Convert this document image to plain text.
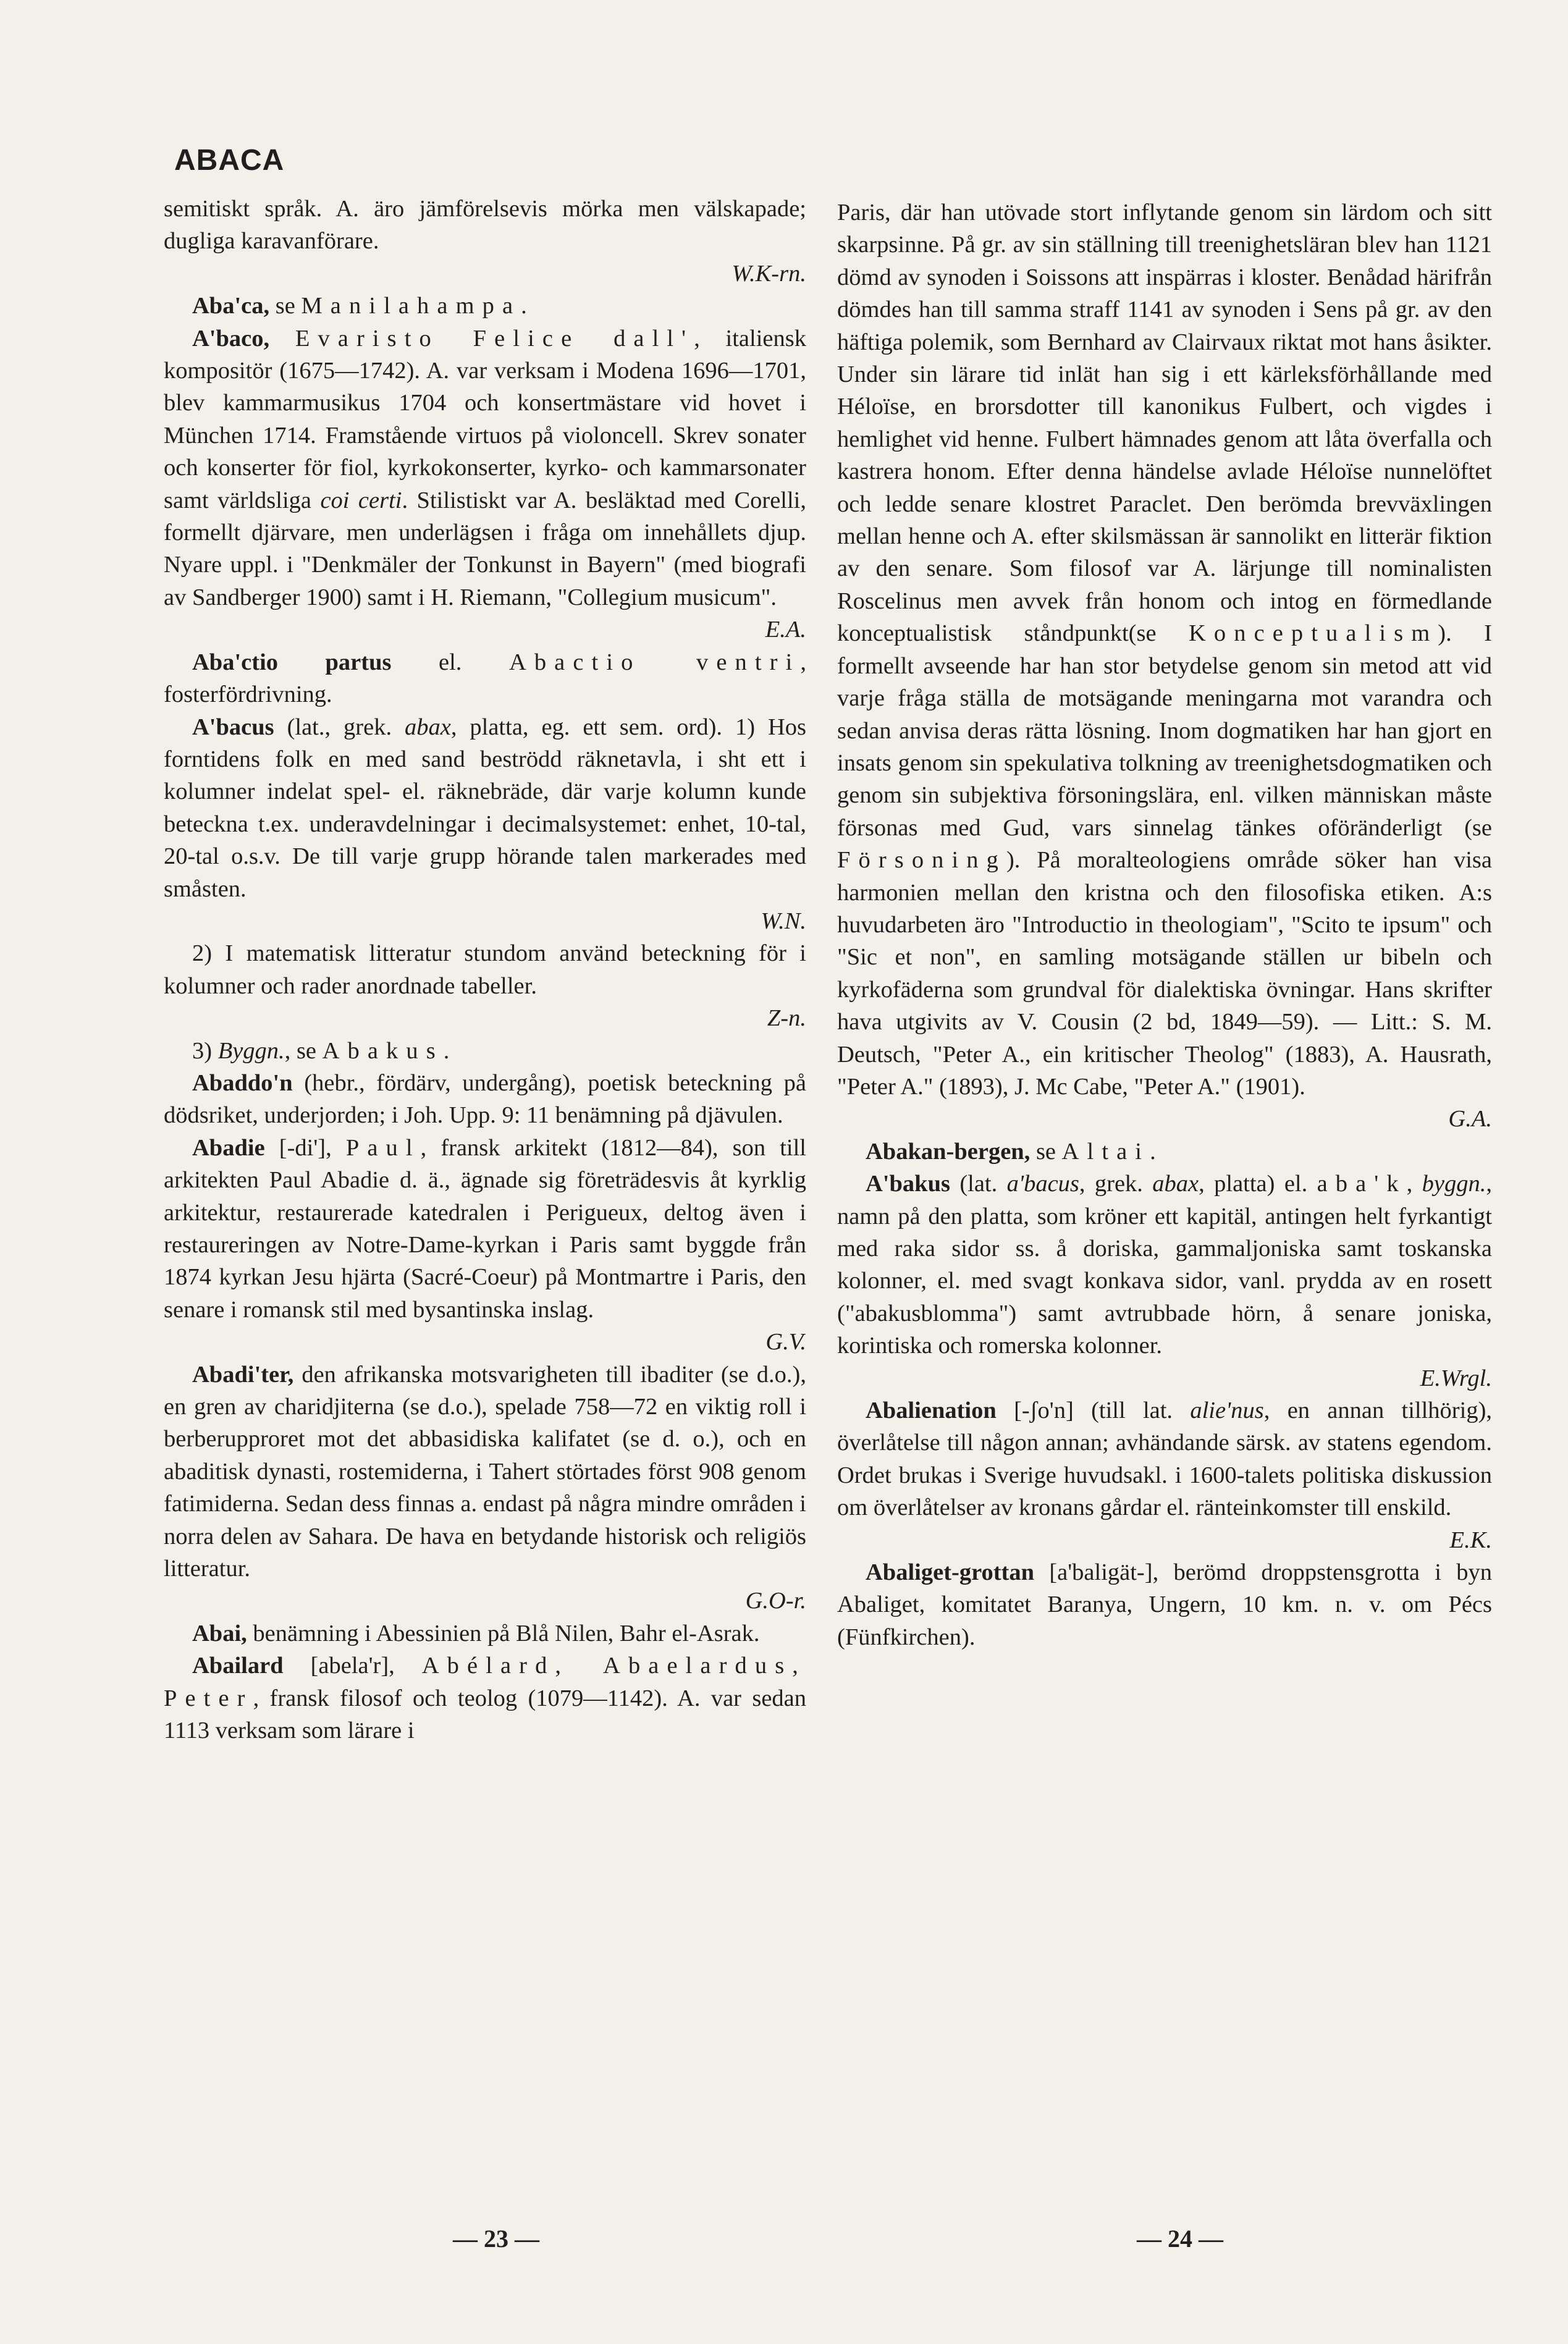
ABACA

semitiskt språk. A. äro jämförelsevis mörka men välskapade; dugliga karavanförare.
W.K-rn.

Aba'ca, se Manilahampa.

A'baco, Evaristo Felice dall', italiensk kompositör (1675—1742). A. var verksam i Modena 1696—1701, blev kammarmusikus 1704 och konsertmästare vid hovet i München 1714. Framstående virtuos på violoncell. Skrev sonater och konserter för fiol, kyrkokonserter, kyrko- och kammarsonater samt världsliga coi certi. Stilistiskt var A. besläktad med Corelli, formellt djärvare, men underlägsen i fråga om innehållets djup. Nyare uppl. i "Denkmäler der Tonkunst in Bayern" (med biografi av Sandberger 1900) samt i H. Riemann, "Collegium musicum".
E.A.

Aba'ctio partus el. Abactio ventri, fosterfördrivning.

A'bacus (lat., grek. abax, platta, eg. ett sem. ord). 1) Hos forntidens folk en med sand beströdd räknetavla, i sht ett i kolumner indelat spel- el. räknebräde, där varje kolumn kunde beteckna t.ex. underavdelningar i decimalsystemet: enhet, 10-tal, 20-tal o.s.v. De till varje grupp hörande talen markerades med småsten.
W.N.

2) I matematisk litteratur stundom använd beteckning för i kolumner och rader anordnade tabeller.
Z-n.

3) Byggn., se Abakus.

Abaddo'n (hebr., fördärv, undergång), poetisk beteckning på dödsriket, underjorden; i Joh. Upp. 9: 11 benämning på djävulen.

Abadie [-di'], Paul, fransk arkitekt (1812—84), son till arkitekten Paul Abadie d. ä., ägnade sig företrädesvis åt kyrklig arkitektur, restaurerade katedralen i Perigueux, deltog även i restaureringen av Notre-Dame-kyrkan i Paris samt byggde från 1874 kyrkan Jesu hjärta (Sacré-Coeur) på Montmartre i Paris, den senare i romansk stil med bysantinska inslag.
G.V.

Abadi'ter, den afrikanska motsvarigheten till ibaditer (se d.o.), en gren av charidjiterna (se d.o.), spelade 758—72 en viktig roll i berberupproret mot det abbasidiska kalifatet (se d. o.), och en abaditisk dynasti, rostemiderna, i Tahert störtades först 908 genom fatimiderna. Sedan dess finnas a. endast på några mindre områden i norra delen av Sahara. De hava en betydande historisk och religiös litteratur.
G.O-r.

Abai, benämning i Abessinien på Blå Nilen, Bahr el-Asrak.

Abailard [abela'r], Abélard, Abaelardus, Peter, fransk filosof och teolog (1079—1142). A. var sedan 1113 verksam som lärare i

Paris, där han utövade stort inflytande genom sin lärdom och sitt skarpsinne. På gr. av sin ställning till treenighetsläran blev han 1121 dömd av synoden i Soissons att inspärras i kloster. Benådad härifrån dömdes han till samma straff 1141 av synoden i Sens på gr. av den häftiga polemik, som Bernhard av Clairvaux riktat mot hans åsikter. Under sin lärare tid inlät han sig i ett kärleksförhållande med Héloïse, en brorsdotter till kanonikus Fulbert, och vigdes i hemlighet vid henne. Fulbert hämnades genom att låta överfalla och kastrera honom. Efter denna händelse avlade Héloïse nunnelöftet och ledde senare klostret Paraclet. Den berömda brevväxlingen mellan henne och A. efter skilsmässan är sannolikt en litterär fiktion av den senare. Som filosof var A. lärjunge till nominalisten Roscelinus men avvek från honom och intog en förmedlande konceptualistisk ståndpunkt(se Konceptualism). I formellt avseende har han stor betydelse genom sin metod att vid varje fråga ställa de motsägande meningarna mot varandra och sedan anvisa deras rätta lösning. Inom dogmatiken har han gjort en insats genom sin spekulativa tolkning av treenighetsdogmatiken och genom sin subjektiva försoningslära, enl. vilken människan måste försonas med Gud, vars sinnelag tänkes oföränderligt (se Försoning). På moralteologiens område söker han visa harmonien mellan den kristna och den filosofiska etiken. A:s huvudarbeten äro "Introductio in theologiam", "Scito te ipsum" och "Sic et non", en samling motsägande ställen ur bibeln och kyrkofäderna som grundval för dialektiska övningar. Hans skrifter hava utgivits av V. Cousin (2 bd, 1849—59). — Litt.: S. M. Deutsch, "Peter A., ein kritischer Theolog" (1883), A. Hausrath, "Peter A." (1893), J. Mc Cabe, "Peter A." (1901).
G.A.

Abakan-bergen, se Altai.

A'bakus (lat. a'bacus, grek. abax, platta) el. aba'k, byggn., namn på den platta, som kröner ett kapitäl, antingen helt fyrkantigt med raka sidor ss. å doriska, gammaljoniska samt toskanska kolonner, el. med svagt konkava sidor, vanl. prydda av en rosett ("abakusblomma") samt avtrubbade hörn, å senare joniska, korintiska och romerska kolonner.
E.Wrgl.

Abalienation [-ʃo'n] (till lat. alie'nus, en annan tillhörig), överlåtelse till någon annan; avhändande särsk. av statens egendom. Ordet brukas i Sverige huvudsakl. i 1600-talets politiska diskussion om överlåtelser av kronans gårdar el. ränteinkomster till enskild.
E.K.

Abaliget-grottan [a'baligät-], berömd droppstensgrotta i byn Abaliget, komitatet Baranya, Ungern, 10 km. n. v. om Pécs (Fünfkirchen).

— 23 —	— 24 —
